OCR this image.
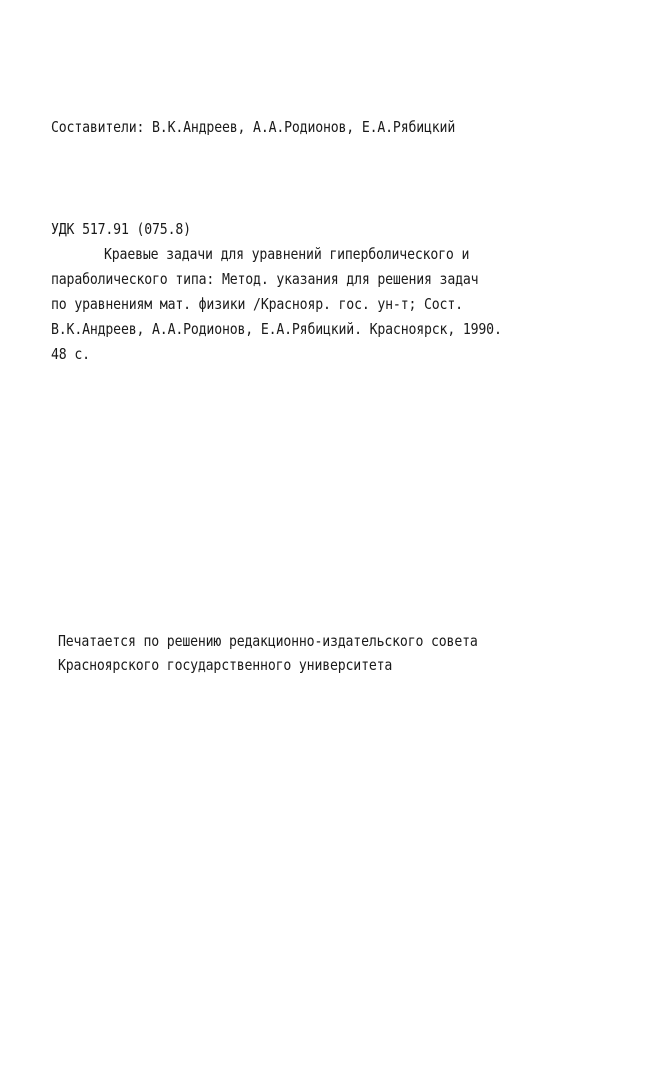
Составители: В.К.Андреев, А.А.Родионов, Е.А.Рябицкий
УДК 517.91 (075.8)
Краевые задачи для уравнений гиперболического и
параболического типа: Метод. указания для решения задач
по уравнениям мат. физики /Краснояр. гос. ун-т; Сост.
В.К.Андреев, А.А.Родионов, Е.А.Рябицкий. Красноярск, 1990.
48 с.
Печатается по решению редакционно-издательского совета
Красноярского государственного университета
